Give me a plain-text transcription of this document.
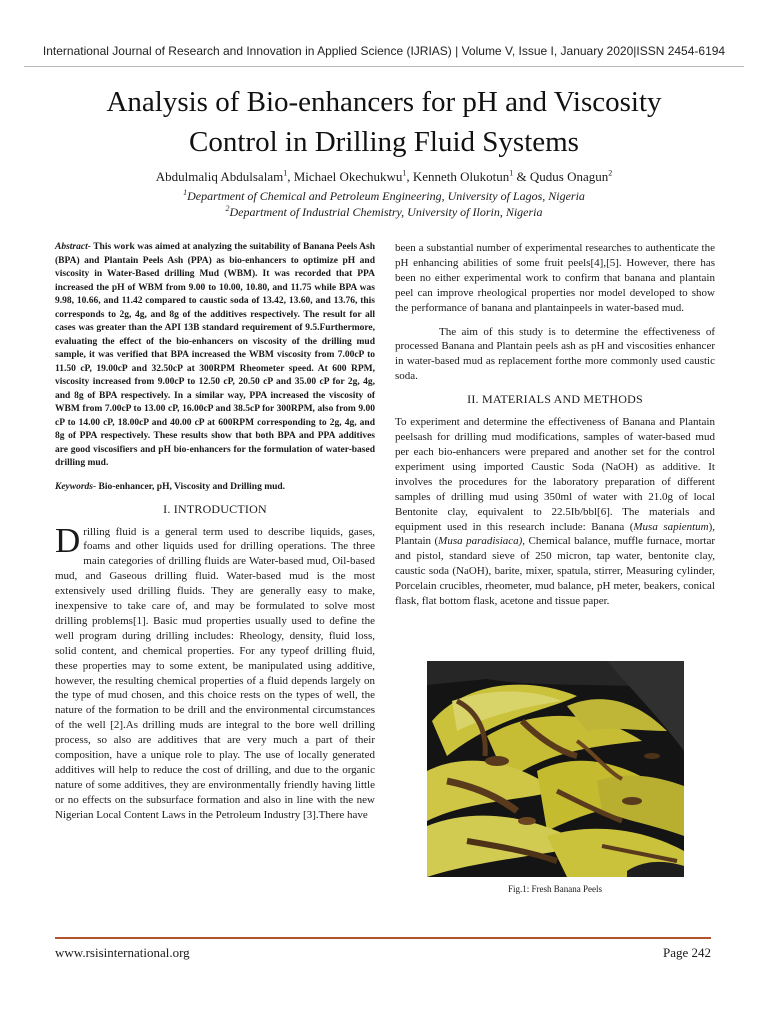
International Journal of Research and Innovation in Applied Science (IJRIAS) | Volume V, Issue I, January 2020|ISSN 2454-6194
Analysis of Bio-enhancers for pH and Viscosity
Control in Drilling Fluid Systems
Abdulmaliq Abdulsalam$^1$, Michael Okechukwu$^1$, Kenneth Olukotun$^1$ & Qudus Onagun$^2$
$^1$Department of Chemical and Petroleum Engineering, University of Lagos, Nigeria
$^2$Department of Industrial Chemistry, University of Ilorin, Nigeria

Abstract- This work was aimed at analyzing the suitability of Banana Peels Ash (BPA) and Plantain Peels Ash (PPA) as bio-enhancers to optimize pH and viscosity in Water-Based drilling Mud (WBM). It was recorded that PPA increased the pH of WBM from 9.00 to 10.00, 10.80, and 11.75 while BPA was 9.98, 10.66, and 11.42 compared to caustic soda of 13.42, 13.60, and 13.76, this corresponds to 2g, 4g, and 8g of the additives respectively. The result for all cases was greater than the API 13B standard requirement of 9.5.Furthermore, evaluating the effect of the bio-enhancers on viscosity of the drilling mud sample, it was verified that BPA increased the WBM viscosity from 7.00cP to 11.50 cP, 19.00cP and 32.50cP at 300RPM Rheometer speed. At 600 RPM, viscosity increased from 9.00cP to 12.50 cP, 20.50 cP and 35.00 cP for 2g, 4g, and 8g of BPA respectively. In a similar way, PPA increased the viscosity of WBM from 7.00cP to 13.00 cP, 16.00cP and 38.5cP for 300RPM, also from 9.00 cP to 14.00 cP, 18.00cP and 40.00 cP at 600RPM corresponding to 2g, 4g, and 8g of PPA respectively. These results show that both BPA and PPA additives are good viscosifiers and pH bio-enhancers for the formulation of water-based drilling mud.

Keywords- Bio-enhancer, pH, Viscosity and Drilling mud.

I. INTRODUCTION

Drilling fluid is a general term used to describe liquids, gases, foams and other liquids used for drilling operations. The three main categories of drilling fluids are Water-based mud, Oil-based mud, and Gaseous drilling fluid. Water-based mud is the most extensively used drilling fluids. They are generally easy to make, inexpensive to take care of, and may be formulated to solve most drilling problems[1]. Basic mud properties usually used to define the well program during drilling includes: Rheology, density, fluid loss, solid content, and chemical properties. For any typeof drilling fluid, these properties may to some extent, be manipulated using additive, however, the resulting chemical properties of a fluid depends largely on the type of mud chosen, and this choice rests on the types of well, the nature of the formation to be drill and the environmental circumstances of the well [2].As drilling muds are integral to the bore well drilling process, so also are additives that are very much a part of their composition, have a unique role to play. The use of locally generated additives will help to reduce the cost of drilling, and due to the organic nature of some additives, they are environmentally friendly having little or no effects on the subsurface formation and also in line with the new Nigerian Local Content Laws in the Petroleum Industry [3].There have

been a substantial number of experimental researches to authenticate the pH enhancing abilities of some fruit peels[4],[5]. However, there has been no either experimental work to confirm that banana and plantain peel can improve rheological properties nor model developed to show the performance of banana and plantainpeels in water-based mud.

The aim of this study is to determine the effectiveness of processed Banana and Plantain peels ash as pH and viscosities enhancer in water-based mud as replacement forthe more commonly used caustic soda.

II. MATERIALS AND METHODS

To experiment and determine the effectiveness of Banana and Plantain peelsash for drilling mud modifications, samples of water-based mud per each bio-enhancers were prepared and another set for the control experiment using imported Caustic Soda (NaOH) as additive. It involves the procedures for the laboratory preparation of different samples of drilling mud using 350ml of water with 21.0g of local Bentonite clay, equivalent to 22.5Ib/bbl[6]. The materials and equipment used in this research include: Banana (Musa sapientum), Plantain (Musa paradisiaca), Chemical balance, muffle furnace, mortar and pistol, standard sieve of 250 micron, tap water, bentonite clay, caustic soda (NaOH), barite, mixer, spatula, stirrer, Measuring cylinder, Porcelain crucibles, rheometer, mud balance, pH meter, beakers, conical flask, flat bottom flask, acetone and tissue paper.

Fig.1: Fresh Banana Peels
www.rsisinternational.org	Page 242
